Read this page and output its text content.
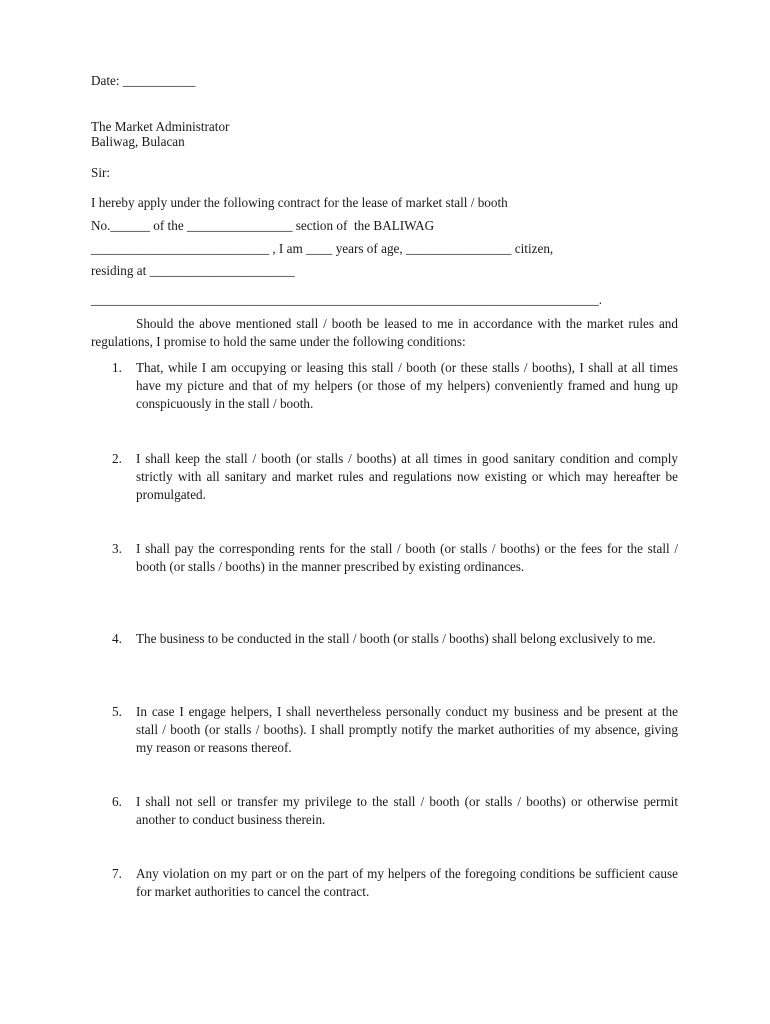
Date: ___________
The Market Administrator
Baliwag, Bulacan
Sir:
I hereby apply under the following contract for the lease of market stall / booth
No.______ of the ________________ section of  the BALIWAG
___________________________ , I am ____ years of age, ________________ citizen,
residing at ______________________
_____________________________________________________________________________.
Should the above mentioned stall / booth be leased to me in accordance with the market rules and regulations, I promise to hold the same under the following conditions:
1. That, while I am occupying or leasing this stall / booth (or these stalls / booths), I shall at all times have my picture and that of my helpers (or those of my helpers) conveniently framed and hung up conspicuously in the stall / booth.
2. I shall keep the stall / booth (or stalls / booths) at all times in good sanitary condition and comply strictly with all sanitary and market rules and regulations now existing or which may hereafter be promulgated.
3. I shall pay the corresponding rents for the stall / booth (or stalls / booths) or the fees for the stall / booth (or stalls / booths) in the manner prescribed by existing ordinances.
4. The business to be conducted in the stall / booth (or stalls / booths) shall belong exclusively to me.
5. In case I engage helpers, I shall nevertheless personally conduct my business and be present at the stall / booth (or stalls / booths). I shall promptly notify the market authorities of my absence, giving my reason or reasons thereof.
6. I shall not sell or transfer my privilege to the stall / booth (or stalls / booths) or otherwise permit another to conduct business therein.
7. Any violation on my part or on the part of my helpers of the foregoing conditions be sufficient cause for market authorities to cancel the contract.
